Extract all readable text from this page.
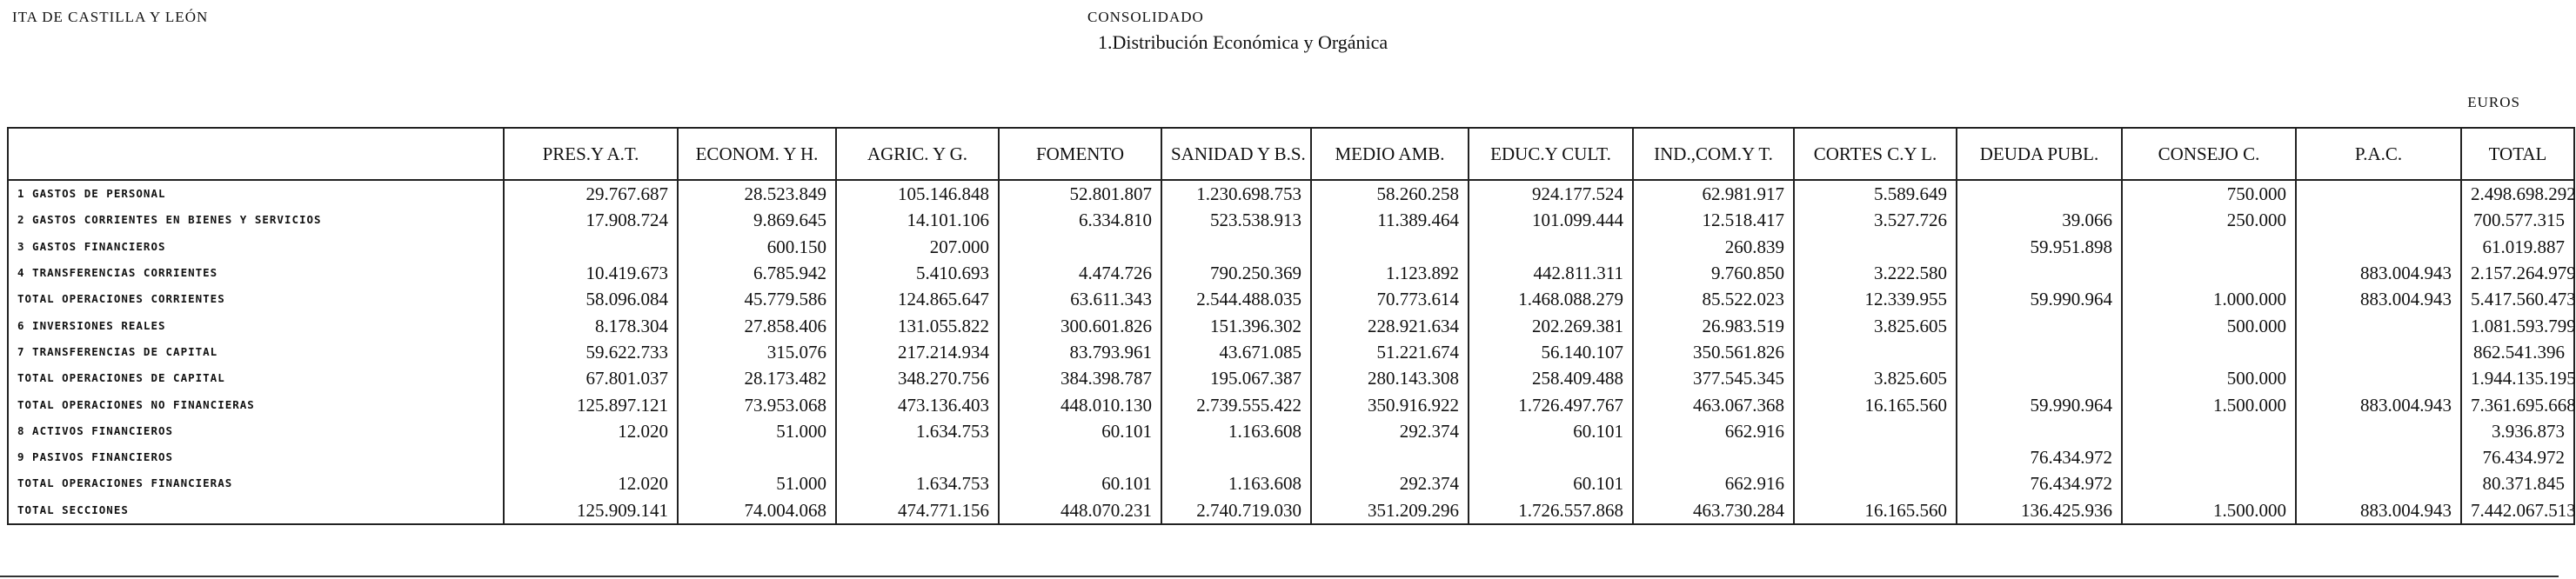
ITA DE CASTILLA Y LEÓN	CONSOLIDADO
1.Distribución Económica y Orgánica
EUROS
	PRES.Y A.T.	ECONOM. Y H.	AGRIC. Y G.	FOMENTO	SANIDAD Y B.S.	MEDIO AMB.	EDUC.Y CULT.	IND.,COM.Y T.	CORTES C.Y L.	DEUDA PUBL.	CONSEJO C.	P.A.C.	TOTAL
1 GASTOS DE PERSONAL	29.767.687	28.523.849	105.146.848	52.801.807	1.230.698.753	58.260.258	924.177.524	62.981.917	5.589.649		750.000		2.498.698.292
2 GASTOS CORRIENTES EN BIENES Y SERVICIOS	17.908.724	9.869.645	14.101.106	6.334.810	523.538.913	11.389.464	101.099.444	12.518.417	3.527.726	39.066	250.000		700.577.315
3 GASTOS FINANCIEROS		600.150	207.000					260.839		59.951.898			61.019.887
4 TRANSFERENCIAS CORRIENTES	10.419.673	6.785.942	5.410.693	4.474.726	790.250.369	1.123.892	442.811.311	9.760.850	3.222.580			883.004.943	2.157.264.979
TOTAL OPERACIONES CORRIENTES	58.096.084	45.779.586	124.865.647	63.611.343	2.544.488.035	70.773.614	1.468.088.279	85.522.023	12.339.955	59.990.964	1.000.000	883.004.943	5.417.560.473
6 INVERSIONES REALES	8.178.304	27.858.406	131.055.822	300.601.826	151.396.302	228.921.634	202.269.381	26.983.519	3.825.605		500.000		1.081.593.799
7 TRANSFERENCIAS DE CAPITAL	59.622.733	315.076	217.214.934	83.793.961	43.671.085	51.221.674	56.140.107	350.561.826					862.541.396
TOTAL OPERACIONES DE CAPITAL	67.801.037	28.173.482	348.270.756	384.398.787	195.067.387	280.143.308	258.409.488	377.545.345	3.825.605		500.000		1.944.135.195
TOTAL OPERACIONES NO FINANCIERAS	125.897.121	73.953.068	473.136.403	448.010.130	2.739.555.422	350.916.922	1.726.497.767	463.067.368	16.165.560	59.990.964	1.500.000	883.004.943	7.361.695.668
8 ACTIVOS FINANCIEROS	12.020	51.000	1.634.753	60.101	1.163.608	292.374	60.101	662.916					3.936.873
9 PASIVOS FINANCIEROS										76.434.972			76.434.972
TOTAL OPERACIONES FINANCIERAS	12.020	51.000	1.634.753	60.101	1.163.608	292.374	60.101	662.916		76.434.972			80.371.845
TOTAL SECCIONES	125.909.141	74.004.068	474.771.156	448.070.231	2.740.719.030	351.209.296	1.726.557.868	463.730.284	16.165.560	136.425.936	1.500.000	883.004.943	7.442.067.513
